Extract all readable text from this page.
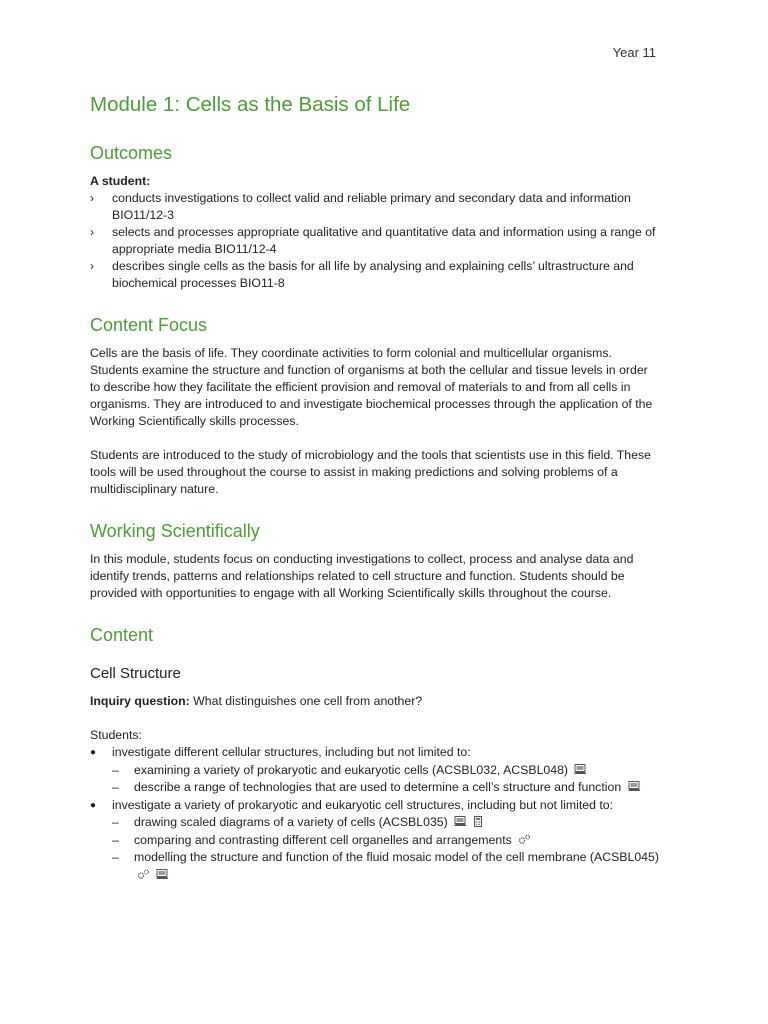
Year 11
Module 1: Cells as the Basis of Life
Outcomes
A student:
› conducts investigations to collect valid and reliable primary and secondary data and information BIO11/12-3
› selects and processes appropriate qualitative and quantitative data and information using a range of appropriate media BIO11/12-4
› describes single cells as the basis for all life by analysing and explaining cells’ ultrastructure and biochemical processes BIO11-8
Content Focus

Cells are the basis of life. They coordinate activities to form colonial and multicellular organisms. Students examine the structure and function of organisms at both the cellular and tissue levels in order to describe how they facilitate the efficient provision and removal of materials to and from all cells in organisms. They are introduced to and investigate biochemical processes through the application of the Working Scientifically skills processes.

Students are introduced to the study of microbiology and the tools that scientists use in this field. These tools will be used throughout the course to assist in making predictions and solving problems of a multidisciplinary nature.

Working Scientifically

In this module, students focus on conducting investigations to collect, process and analyse data and identify trends, patterns and relationships related to cell structure and function. Students should be provided with opportunities to engage with all Working Scientifically skills throughout the course.

Content
Cell Structure

Inquiry question: What distinguishes one cell from another?

Students:

● investigate different cellular structures, including but not limited to:
– examining a variety of prokaryotic and eukaryotic cells (ACSBL032, ACSBL048)
– describe a range of technologies that are used to determine a cell’s structure and function
● investigate a variety of prokaryotic and eukaryotic cell structures, including but not limited to:
– drawing scaled diagrams of a variety of cells (ACSBL035)

– comparing and contrasting different cell organelles and arrangements
– modelling the structure and function of the fluid mosaic model of the cell membrane (ACSBL045)
